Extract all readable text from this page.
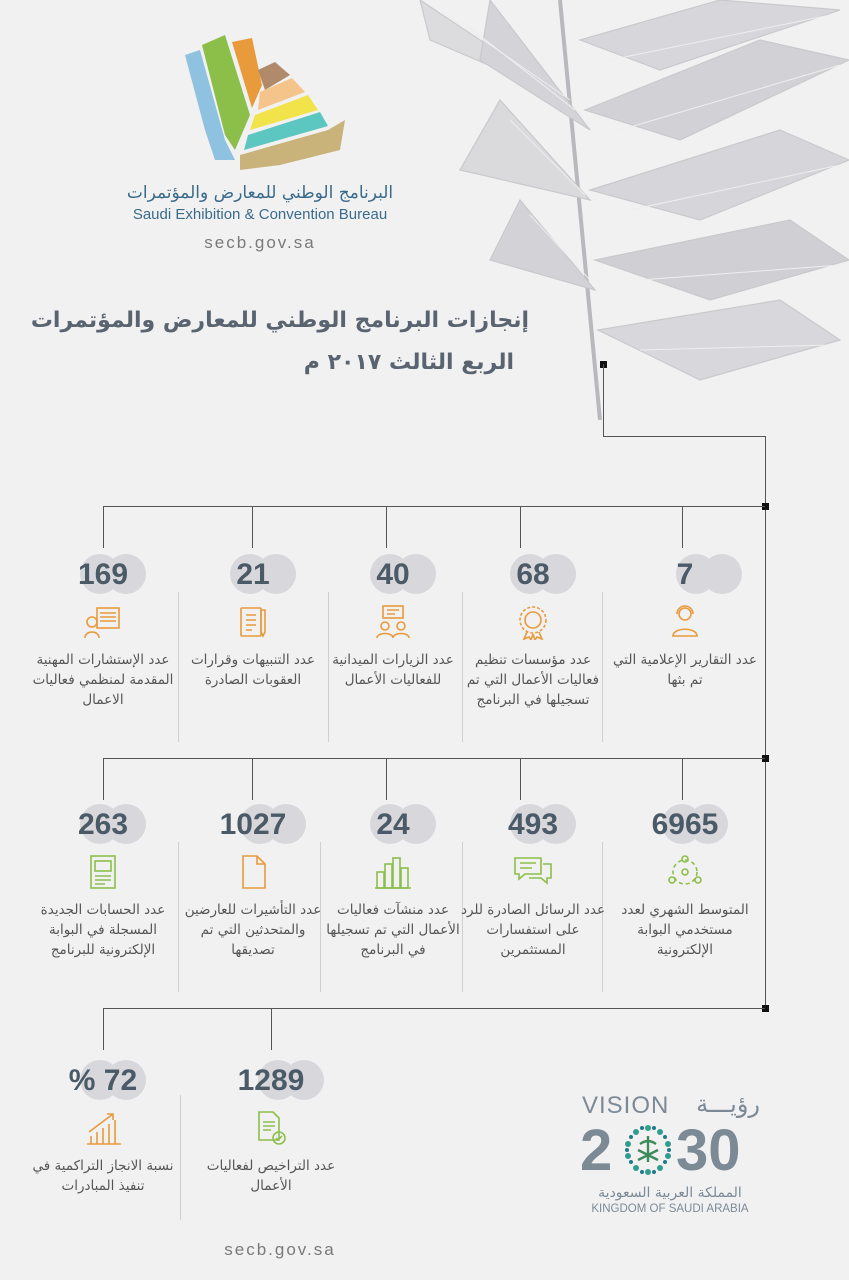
البرنامج الوطني للمعارض والمؤتمرات
Saudi Exhibition & Convention Bureau
secb.gov.sa
إنجازات البرنامج الوطني للمعارض والمؤتمرات
الربع الثالث ٢٠١٧ م
169
عدد الإستشارات المهنية المقدمة لمنظمي فعاليات الاعمال
21
عدد التنبيهات وقرارات العقوبات الصادرة
40
عدد الزيارات الميدانية للفعاليات الأعمال
68
عدد مؤسسات تنظيم فعاليات الأعمال التي تم تسجيلها في البرنامج
7
عدد التقارير الإعلامية التي تم بثها
263
عدد الحسابات الجديدة المسجلة في البوابة الإلكترونية للبرنامج
1027
عدد التأشيرات للعارضين والمتحدثين التي تم تصديقها
24
عدد منشآت فعاليات الأعمال التي تم تسجيلها في البرنامج
493
عدد الرسائل الصادرة للرد على استفسارات المستثمرين
6965
المتوسط الشهري لعدد مستخدمي البوابة الإلكترونية
% 72
نسبة الانجاز التراكمية في تنفيذ المبادرات
1289
عدد التراخيص لفعاليات الأعمال
VISION رؤيـــة
2 30
المملكة العربية السعودية
KINGDOM OF SAUDI ARABIA
secb.gov.sa
